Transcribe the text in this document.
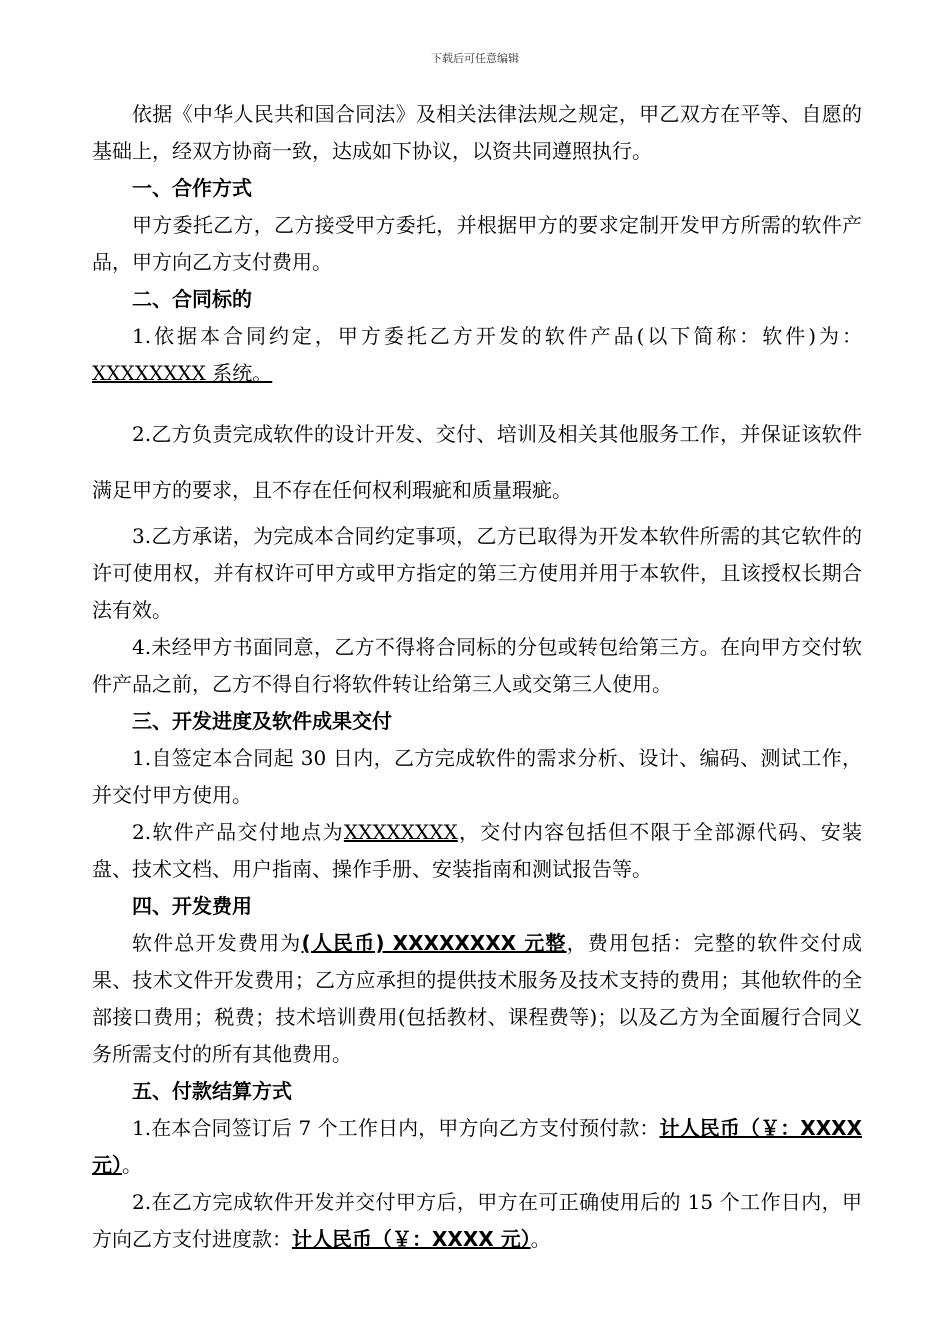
下载后可任意编辑

依据《中华人民共和国合同法》及相关法律法规之规定，甲乙双方在平等、自愿的基础上，经双方协商一致，达成如下协议，以资共同遵照执行。

一、合作方式

甲方委托乙方，乙方接受甲方委托，并根据甲方的要求定制开发甲方所需的软件产品，甲方向乙方支付费用。

二、合同标的

1.依据本合同约定，甲方委托乙方开发的软件产品(以下简称：软件)为：XXXXXXXX 系统。

2.乙方负责完成软件的设计开发、交付、培训及相关其他服务工作，并保证该软件满足甲方的要求，且不存在任何权利瑕疵和质量瑕疵。

3.乙方承诺，为完成本合同约定事项，乙方已取得为开发本软件所需的其它软件的许可使用权，并有权许可甲方或甲方指定的第三方使用并用于本软件，且该授权长期合法有效。

4.未经甲方书面同意，乙方不得将合同标的分包或转包给第三方。在向甲方交付软件产品之前，乙方不得自行将软件转让给第三人或交第三人使用。

三、开发进度及软件成果交付

1.自签定本合同起 30 日内，乙方完成软件的需求分析、设计、编码、测试工作，并交付甲方使用。

2.软件产品交付地点为XXXXXXXX，交付内容包括但不限于全部源代码、安装盘、技术文档、用户指南、操作手册、安装指南和测试报告等。

四、开发费用

软件总开发费用为(人民币) XXXXXXXX 元整，费用包括：完整的软件交付成果、技术文件开发费用；乙方应承担的提供技术服务及技术支持的费用；其他软件的全部接口费用；税费；技术培训费用(包括教材、课程费等)；以及乙方为全面履行合同义务所需支付的所有其他费用。

五、付款结算方式

1.在本合同签订后 7 个工作日内，甲方向乙方支付预付款：计人民币（￥：XXXX 元）。

2.在乙方完成软件开发并交付甲方后，甲方在可正确使用后的 15 个工作日内，甲方向乙方支付进度款：计人民币（￥：XXXX 元）。
